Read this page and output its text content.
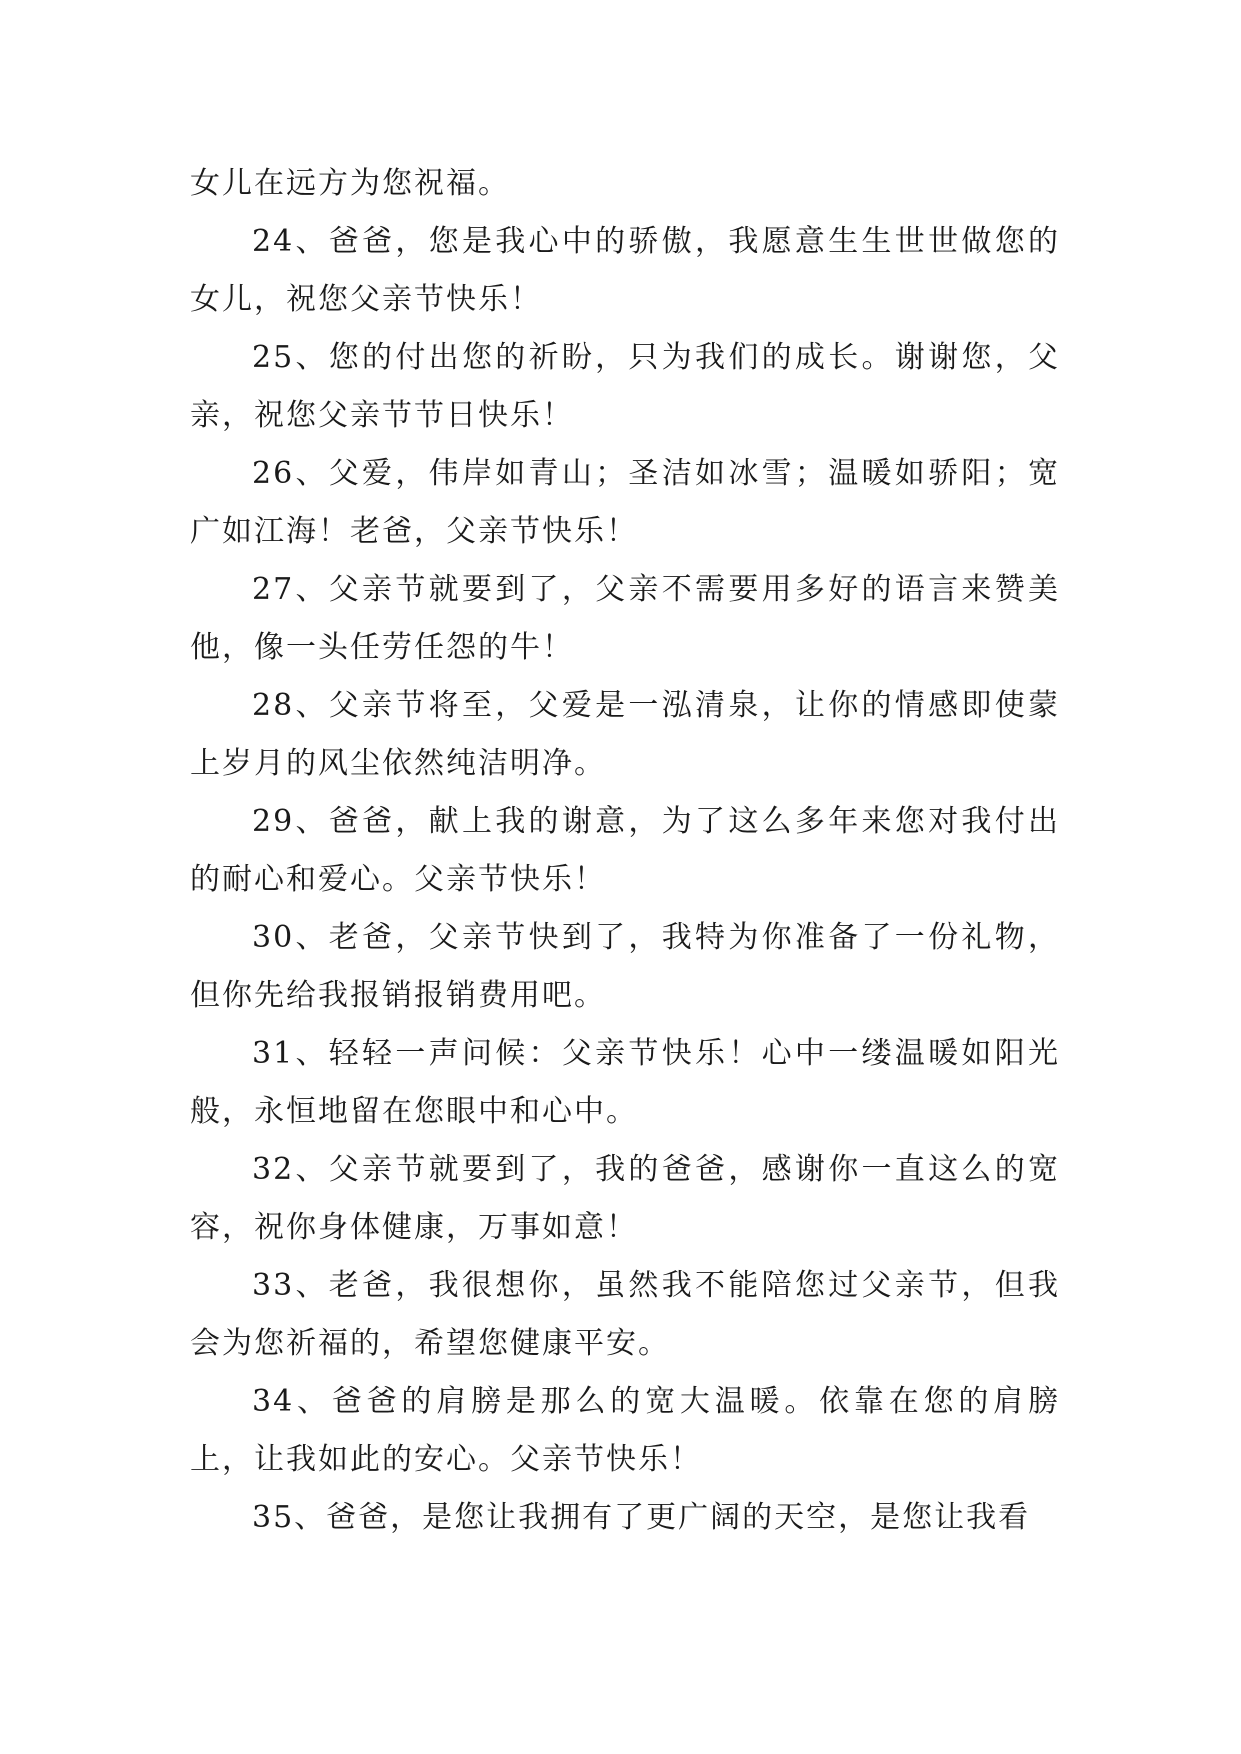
女儿在远方为您祝福。

24、爸爸，您是我心中的骄傲，我愿意生生世世做您的女儿，祝您父亲节快乐！

25、您的付出您的祈盼，只为我们的成长。谢谢您，父亲，祝您父亲节节日快乐！

26、父爱，伟岸如青山；圣洁如冰雪；温暖如骄阳；宽广如江海！老爸，父亲节快乐！

27、父亲节就要到了，父亲不需要用多好的语言来赞美他，像一头任劳任怨的牛！

28、父亲节将至，父爱是一泓清泉，让你的情感即使蒙上岁月的风尘依然纯洁明净。

29、爸爸，献上我的谢意，为了这么多年来您对我付出的耐心和爱心。父亲节快乐！

30、老爸，父亲节快到了，我特为你准备了一份礼物，但你先给我报销报销费用吧。

31、轻轻一声问候：父亲节快乐！心中一缕温暖如阳光般，永恒地留在您眼中和心中。

32、父亲节就要到了，我的爸爸，感谢你一直这么的宽容，祝你身体健康，万事如意！

33、老爸，我很想你，虽然我不能陪您过父亲节，但我会为您祈福的，希望您健康平安。

34、爸爸的肩膀是那么的宽大温暖。依靠在您的肩膀上，让我如此的安心。父亲节快乐！

35、爸爸，是您让我拥有了更广阔的天空，是您让我看
